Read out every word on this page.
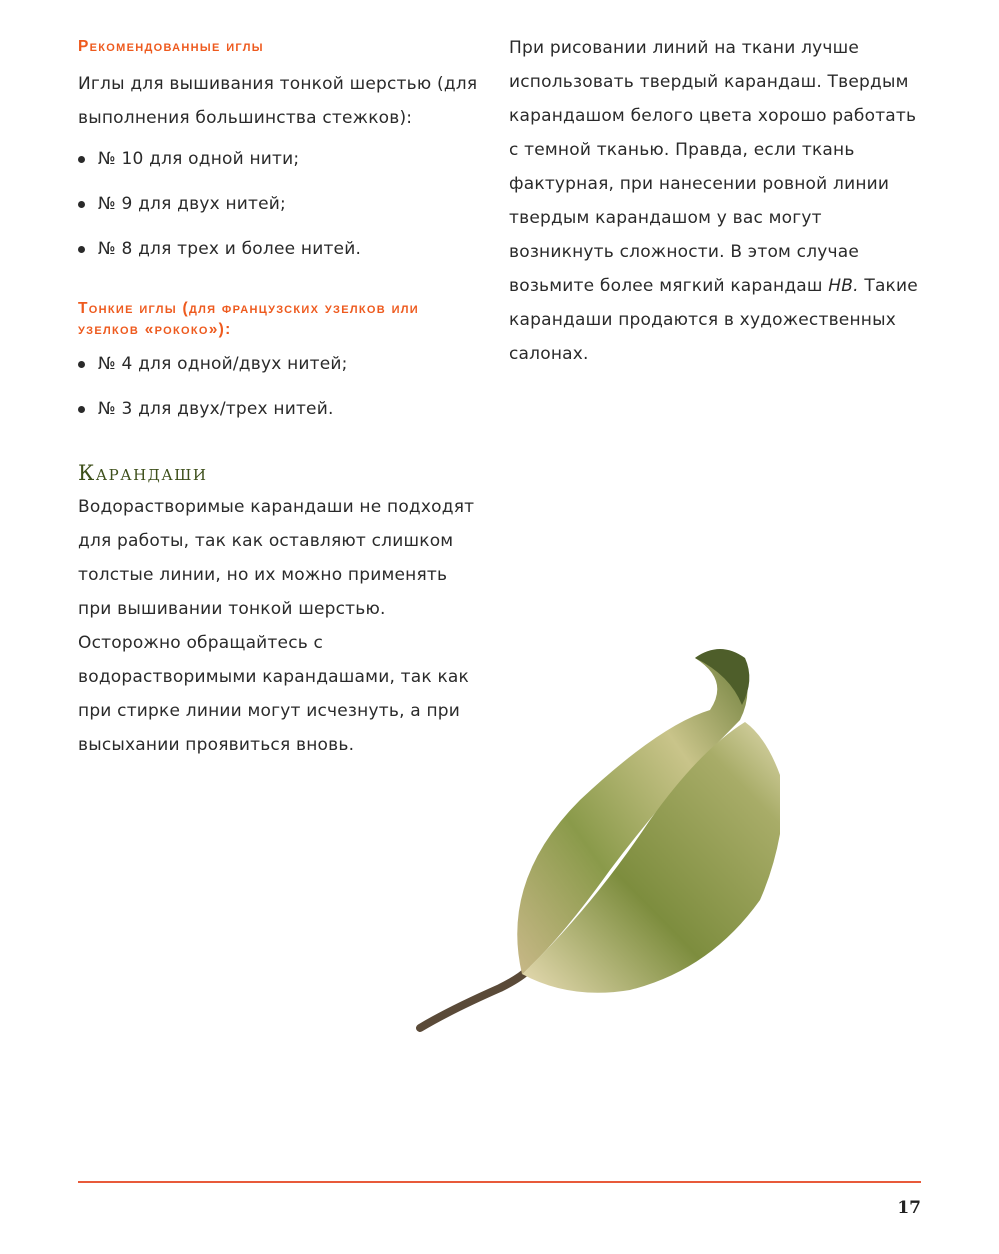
Рекомендованные иглы

Иглы для вышивания тонкой шерстью (для выполнения большинства стежков):

№ 10 для одной нити;
№ 9 для двух нитей;
№ 8 для трех и более нитей.

Тонкие иглы (для французских узелков или узелков «рококо»):

№ 4 для одной/двух нитей;
№ 3 для двух/трех нитей.

Карандаши

Водорастворимые карандаши не подходят для работы, так как оставляют слишком толстые линии, но их можно применять при вышивании тонкой шерстью. Осторожно обращайтесь с водорастворимыми карандашами, так как при стирке линии могут исчезнуть, а при высыхании проявиться вновь.

При рисовании линий на ткани лучше использовать твердый карандаш. Твердым карандашом белого цвета хорошо работать с темной тканью. Правда, если ткань фактурная, при нанесении ровной линии твердым карандашом у вас могут возникнуть сложности. В этом случае возьмите более мягкий карандаш HB. Такие карандаши продаются в художественных салонах.

17
